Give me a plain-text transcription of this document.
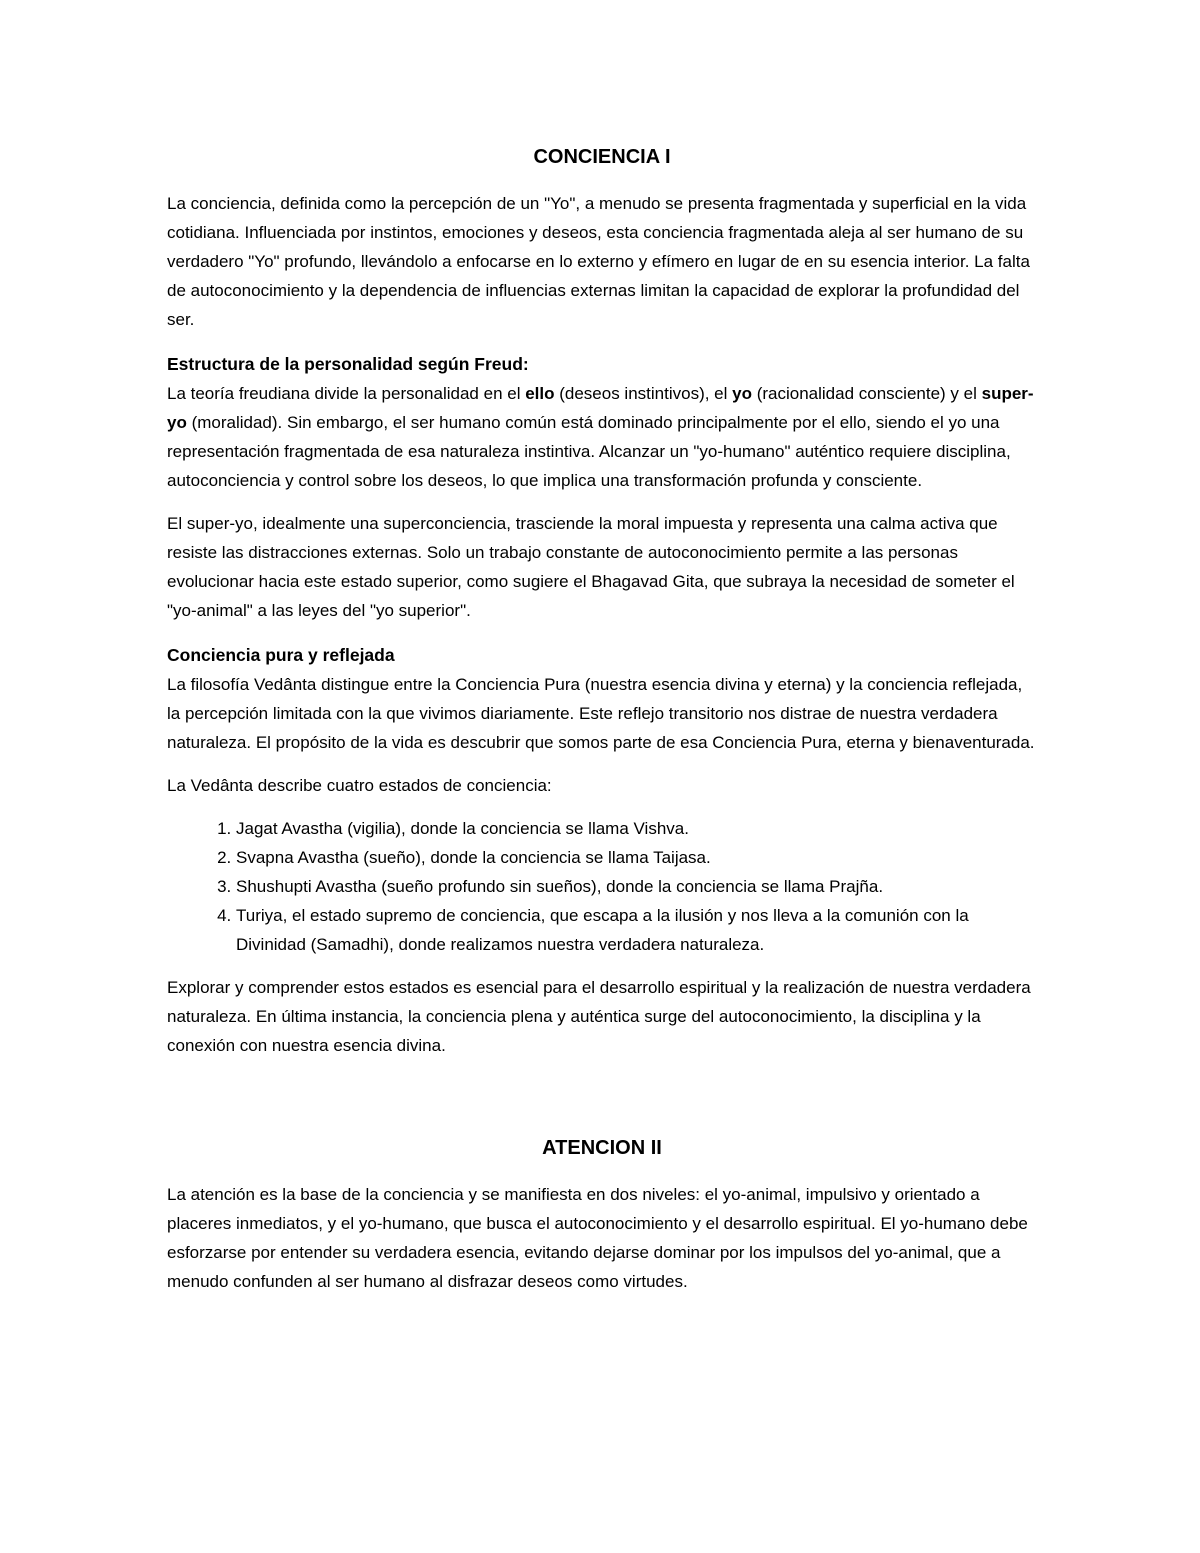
CONCIENCIA I

La conciencia, definida como la percepción de un "Yo", a menudo se presenta fragmentada y superficial en la vida cotidiana. Influenciada por instintos, emociones y deseos, esta conciencia fragmentada aleja al ser humano de su verdadero "Yo" profundo, llevándolo a enfocarse en lo externo y efímero en lugar de en su esencia interior. La falta de autoconocimiento y la dependencia de influencias externas limitan la capacidad de explorar la profundidad del ser.

Estructura de la personalidad según Freud:

La teoría freudiana divide la personalidad en el ello (deseos instintivos), el yo (racionalidad consciente) y el super-yo (moralidad). Sin embargo, el ser humano común está dominado principalmente por el ello, siendo el yo una representación fragmentada de esa naturaleza instintiva. Alcanzar un "yo-humano" auténtico requiere disciplina, autoconciencia y control sobre los deseos, lo que implica una transformación profunda y consciente.

El super-yo, idealmente una superconciencia, trasciende la moral impuesta y representa una calma activa que resiste las distracciones externas. Solo un trabajo constante de autoconocimiento permite a las personas evolucionar hacia este estado superior, como sugiere el Bhagavad Gita, que subraya la necesidad de someter el "yo-animal" a las leyes del "yo superior".

Conciencia pura y reflejada

La filosofía Vedânta distingue entre la Conciencia Pura (nuestra esencia divina y eterna) y la conciencia reflejada, la percepción limitada con la que vivimos diariamente. Este reflejo transitorio nos distrae de nuestra verdadera naturaleza. El propósito de la vida es descubrir que somos parte de esa Conciencia Pura, eterna y bienaventurada.

La Vedânta describe cuatro estados de conciencia:

1. Jagat Avastha (vigilia), donde la conciencia se llama Vishva.
2. Svapna Avastha (sueño), donde la conciencia se llama Taijasa.
3. Shushupti Avastha (sueño profundo sin sueños), donde la conciencia se llama Prajña.
4. Turiya, el estado supremo de conciencia, que escapa a la ilusión y nos lleva a la comunión con la Divinidad (Samadhi), donde realizamos nuestra verdadera naturaleza.

Explorar y comprender estos estados es esencial para el desarrollo espiritual y la realización de nuestra verdadera naturaleza. En última instancia, la conciencia plena y auténtica surge del autoconocimiento, la disciplina y la conexión con nuestra esencia divina.

ATENCION II

La atención es la base de la conciencia y se manifiesta en dos niveles: el yo-animal, impulsivo y orientado a placeres inmediatos, y el yo-humano, que busca el autoconocimiento y el desarrollo espiritual. El yo-humano debe esforzarse por entender su verdadera esencia, evitando dejarse dominar por los impulsos del yo-animal, que a menudo confunden al ser humano al disfrazar deseos como virtudes.
